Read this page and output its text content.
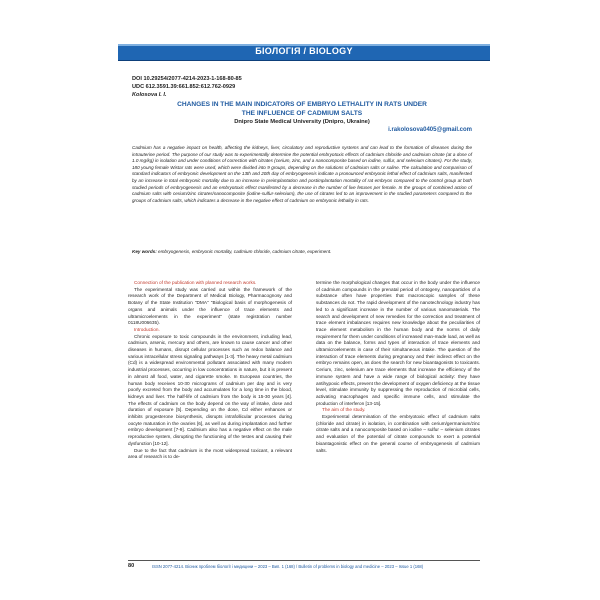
БІОЛОГІЯ / BIOLOGY
DOI 10.29254/2077-4214-2023-1-168-80-85
UDC 612.3591.39:661.852:612.762-0929
Kolosova I. I.
CHANGES IN THE MAIN INDICATORS OF EMBRYO LETHALITY IN RATS UNDER
THE INFLUENCE OF CADMIUM SALTS
Dnipro State Medical University (Dnipro, Ukraine)
i.rakolosova0405@gmail.com

Cadmium has a negative impact on health, affecting the kidneys, liver, circulatory and reproductive systems and can lead to the formation of diseases during the intrauterine period. The purpose of our study was to experimentally determine the potential embryotoxic effects of cadmium chloride and cadmium citrate (at a dose of 1.0 mg/kg) in isolation and under conditions of correction with citrates (cerium, zinc, and a nanocomposite based on iodine, sulfur, and selenium citrates). For the study, 180 young female Wistar rats were used, which were divided into 9 groups, depending on the solutions of cadmium salts or saline. The calculation and comparison of standard indicators of embryonic development on the 13th and 20th day of embryogenesis indicate a pronounced embryonic lethal effect of cadmium salts, manifested by an increase in total embryonic mortality due to an increase in preimplantation and postimplantation mortality of rat embryos compared to the control group at both studied periods of embryogenesis and an embryotoxic effect manifested by a decrease in the number of live fetuses per female. In the groups of combined action of cadmium salts with cerium/zinc citrates/nanocomposite (iodine-sulfur-selenium), the use of citrates led to an improvement in the studied parameters compared to the groups of cadmium salts, which indicates a decrease in the negative effect of cadmium on embryonic lethality in rats.

Key words: embryogenesis, embryonic mortality, cadmium chloride, cadmium citrate, experiment.

Connection of the publication with planned research works.

The experimental study was carried out within the framework of the research work of the Department of Medical Biology, Pharmacognosy and Botany of the State Institution "DMA" "Biological basis of morphogenesis of organs and animals under the influence of trace elements and ultramicroelements in the experiment" (state registration number 0118U006635).

Introduction.

Chronic exposure to toxic compounds in the environment, including lead, cadmium, arsenic, mercury and others, are known to cause cancer and other diseases in humans, disrupt cellular processes such as redox balance and various intracellular stress signaling pathways [1-3]. The heavy metal cadmium (Cd) is a widespread environmental pollutant associated with many modern industrial processes, occurring in low concentrations in nature, but it is present in almost all food, water, and cigarette smoke. In European countries, the human body receives 10-30 micrograms of cadmium per day and is very poorly excreted from the body and accumulates for a long time in the blood, kidneys and liver. The half-life of cadmium from the body is 15-30 years [4]. The effects of cadmium on the body depend on the way of intake, dose and duration of exposure [5]. Depending on the dose, Cd either enhances or inhibits progesterone biosynthesis, disrupts intrafollicular processes during oocyte maturation in the ovaries [6], as well as during implantation and further embryo development [7-9]. Cadmium also has a negative effect on the male reproductive system, disrupting the functioning of the testes and causing their dysfunction [10-12].

Due to the fact that cadmium is the most widespread toxicant, a relevant area of research is to de-

termine the morphological changes that occur in the body under the influence of cadmium compounds in the prenatal period of ontogeny, nanoparticles of a substance often have properties that macroscopic samples of these substances do not. The rapid development of the nanotechnology industry has led to a significant increase in the number of various nanomaterials. The search and development of new remedies for the correction and treatment of trace element imbalances requires new knowledge about the peculiarities of trace element metabolism in the human body and the norms of daily requirement for them under conditions of increased man-made load, as well as data on the balance, forms and types of interaction of trace elements and ultramicroelements in case of their simultaneous intake. The question of the interaction of trace elements during pregnancy and their indirect effect on the embryo remains open, as does the search for new bioantagonists to toxicants. Cerium, zinc, selenium are trace elements that increase the efficiency of the immune system and have a wide range of biological activity: they have antihypoxic effects, prevent the development of oxygen deficiency at the tissue level, stimulate immunity by suppressing the reproduction of microbial cells, activating macrophages and specific immune cells, and stimulate the production of interferon [13-15].

The aim of the study.

Experimental determination of the embryotoxic effect of cadmium salts (chloride and citrate) in isolation, in combination with cerium/germanium/zinc citrate salts and a nanocomposite based on iodine – sulfur – selenium citrates and evaluation of the potential of citrate compounds to exert a potential bioantagonistic effect on the general course of embryogenesis of cadmium salts.

80	ISSN 2077-4214. Вісник проблем біології і медицини – 2023 – Вип. 1 (168) / Bulletin of problems in biology and medicine – 2023 – Issue 1 (168)
